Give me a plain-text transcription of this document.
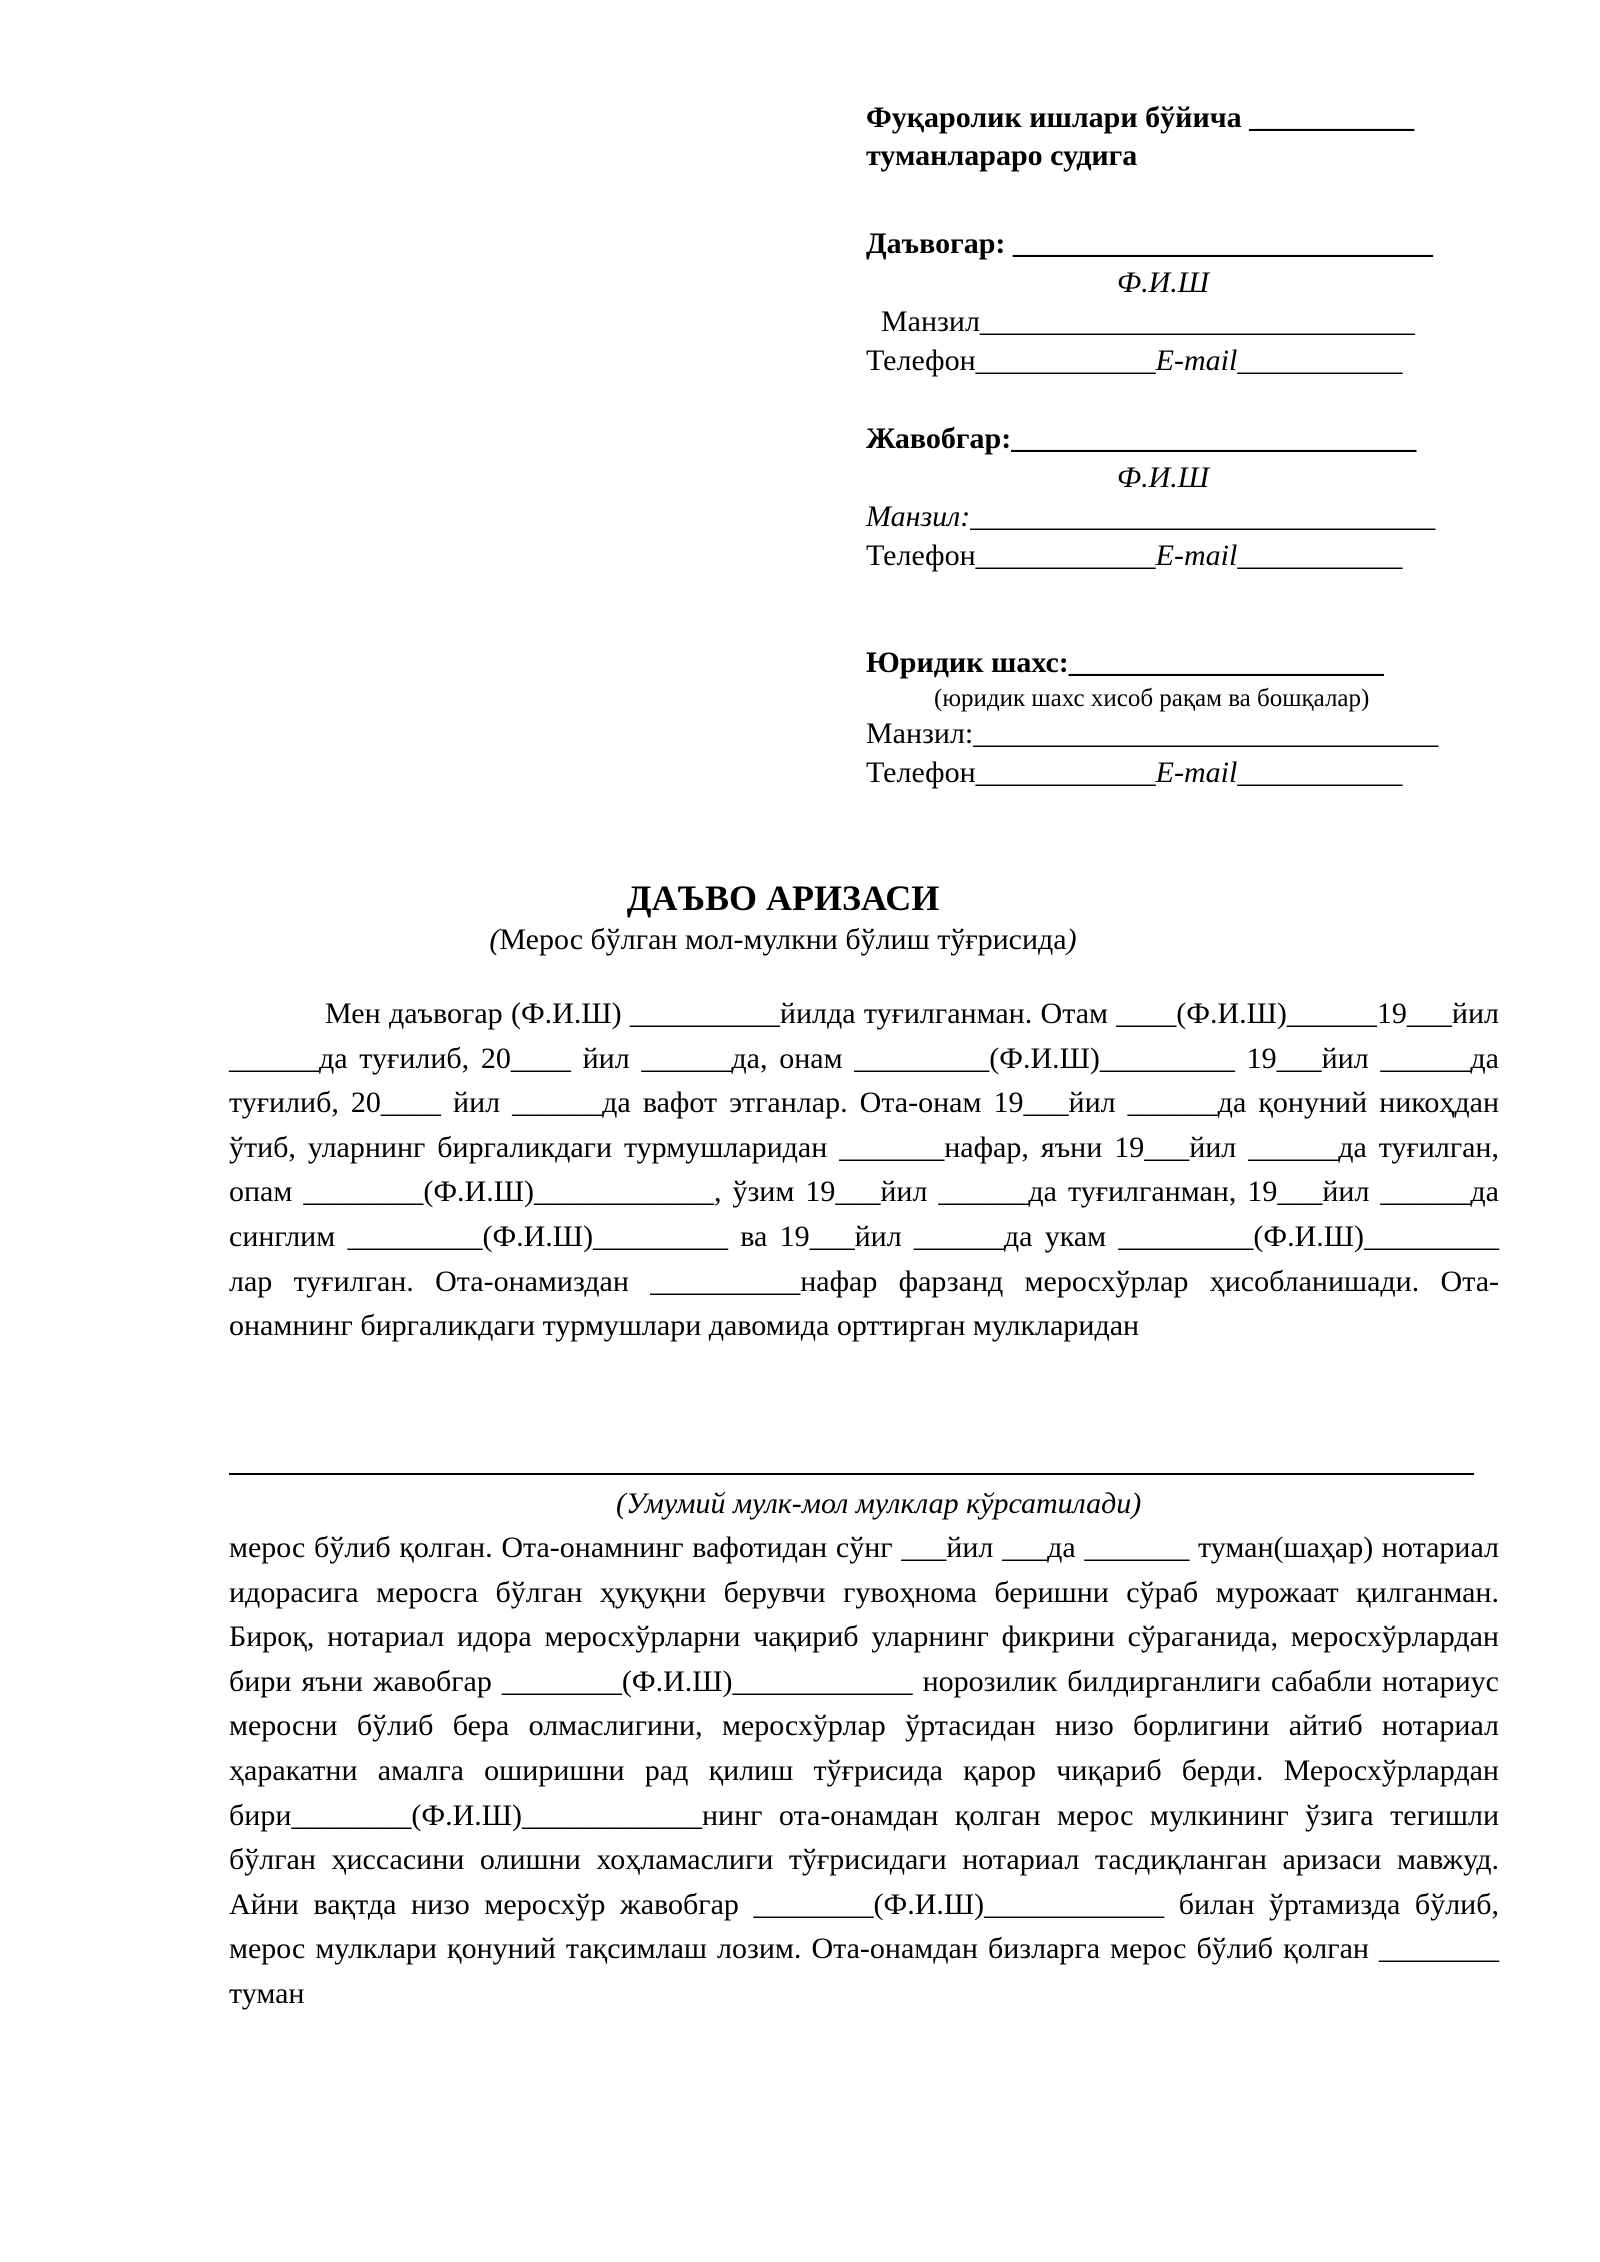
Фуқаролик ишлари бўйича ___________
туманлараро судига
Даъвогар: ____________________________
Ф.И.Ш
Манзил_____________________________
Телефон____________E-mail___________
Жавобгар:___________________________
Ф.И.Ш
Манзил:_______________________________
Телефон____________E-mail___________
Юридик шахс:_____________________
(юридик шахс хисоб рақам ва бошқалар)
Манзил:_______________________________
Телефон____________E-mail___________
ДАЪВО АРИЗАСИ
(Мерос бўлган мол-мулкни бўлиш тўғрисида)
Мен даъвогар (Ф.И.Ш) __________йилда туғилганман. Отам ____(Ф.И.Ш)______19___йил ______да туғилиб, 20____ йил ______да, онам _________(Ф.И.Ш)_________ 19___йил ______да туғилиб, 20____ йил ______да вафот этганлар. Ота-онам 19___йил ______да қонуний никоҳдан ўтиб, уларнинг биргаликдаги турмушларидан _______нафар, яъни 19___йил ______да туғилган, опам ________(Ф.И.Ш)____________, ўзим 19___йил ______да туғилганман, 19___йил ______да синглим _________(Ф.И.Ш)_________ ва 19___йил ______да укам _________(Ф.И.Ш)_________ лар туғилган. Ота-онамиздан __________нафар фарзанд меросхўрлар ҳисобланишади. Ота-онамнинг биргаликдаги турмушлари давомида орттирган мулкларидан
(Умумий мулк-мол мулклар кўрсатилади)
мерос бўлиб қолган. Ота-онамнинг вафотидан сўнг ___йил ___да _______ туман(шаҳар) нотариал идорасига меросга бўлган ҳуқуқни берувчи гувоҳнома беришни сўраб мурожаат қилганман. Бироқ, нотариал идора меросхўрларни чақириб уларнинг фикрини сўраганида, меросхўрлардан бири яъни жавобгар ________(Ф.И.Ш)____________ норозилик билдирганлиги сабабли нотариус меросни бўлиб бера олмаслигини, меросхўрлар ўртасидан низо борлигини айтиб нотариал ҳаракатни амалга оширишни рад қилиш тўғрисида қарор чиқариб берди. Меросхўрлардан бири________(Ф.И.Ш)____________нинг ота-онамдан қолган мерос мулкининг ўзига тегишли бўлган ҳиссасини олишни хоҳламаслиги тўғрисидаги нотариал тасдиқланган аризаси мавжуд. Айни вақтда низо меросхўр жавобгар ________(Ф.И.Ш)____________ билан ўртамизда бўлиб, мерос мулклари қонуний тақсимлаш лозим. Ота-онамдан бизларга мерос бўлиб қолган ________ туман
